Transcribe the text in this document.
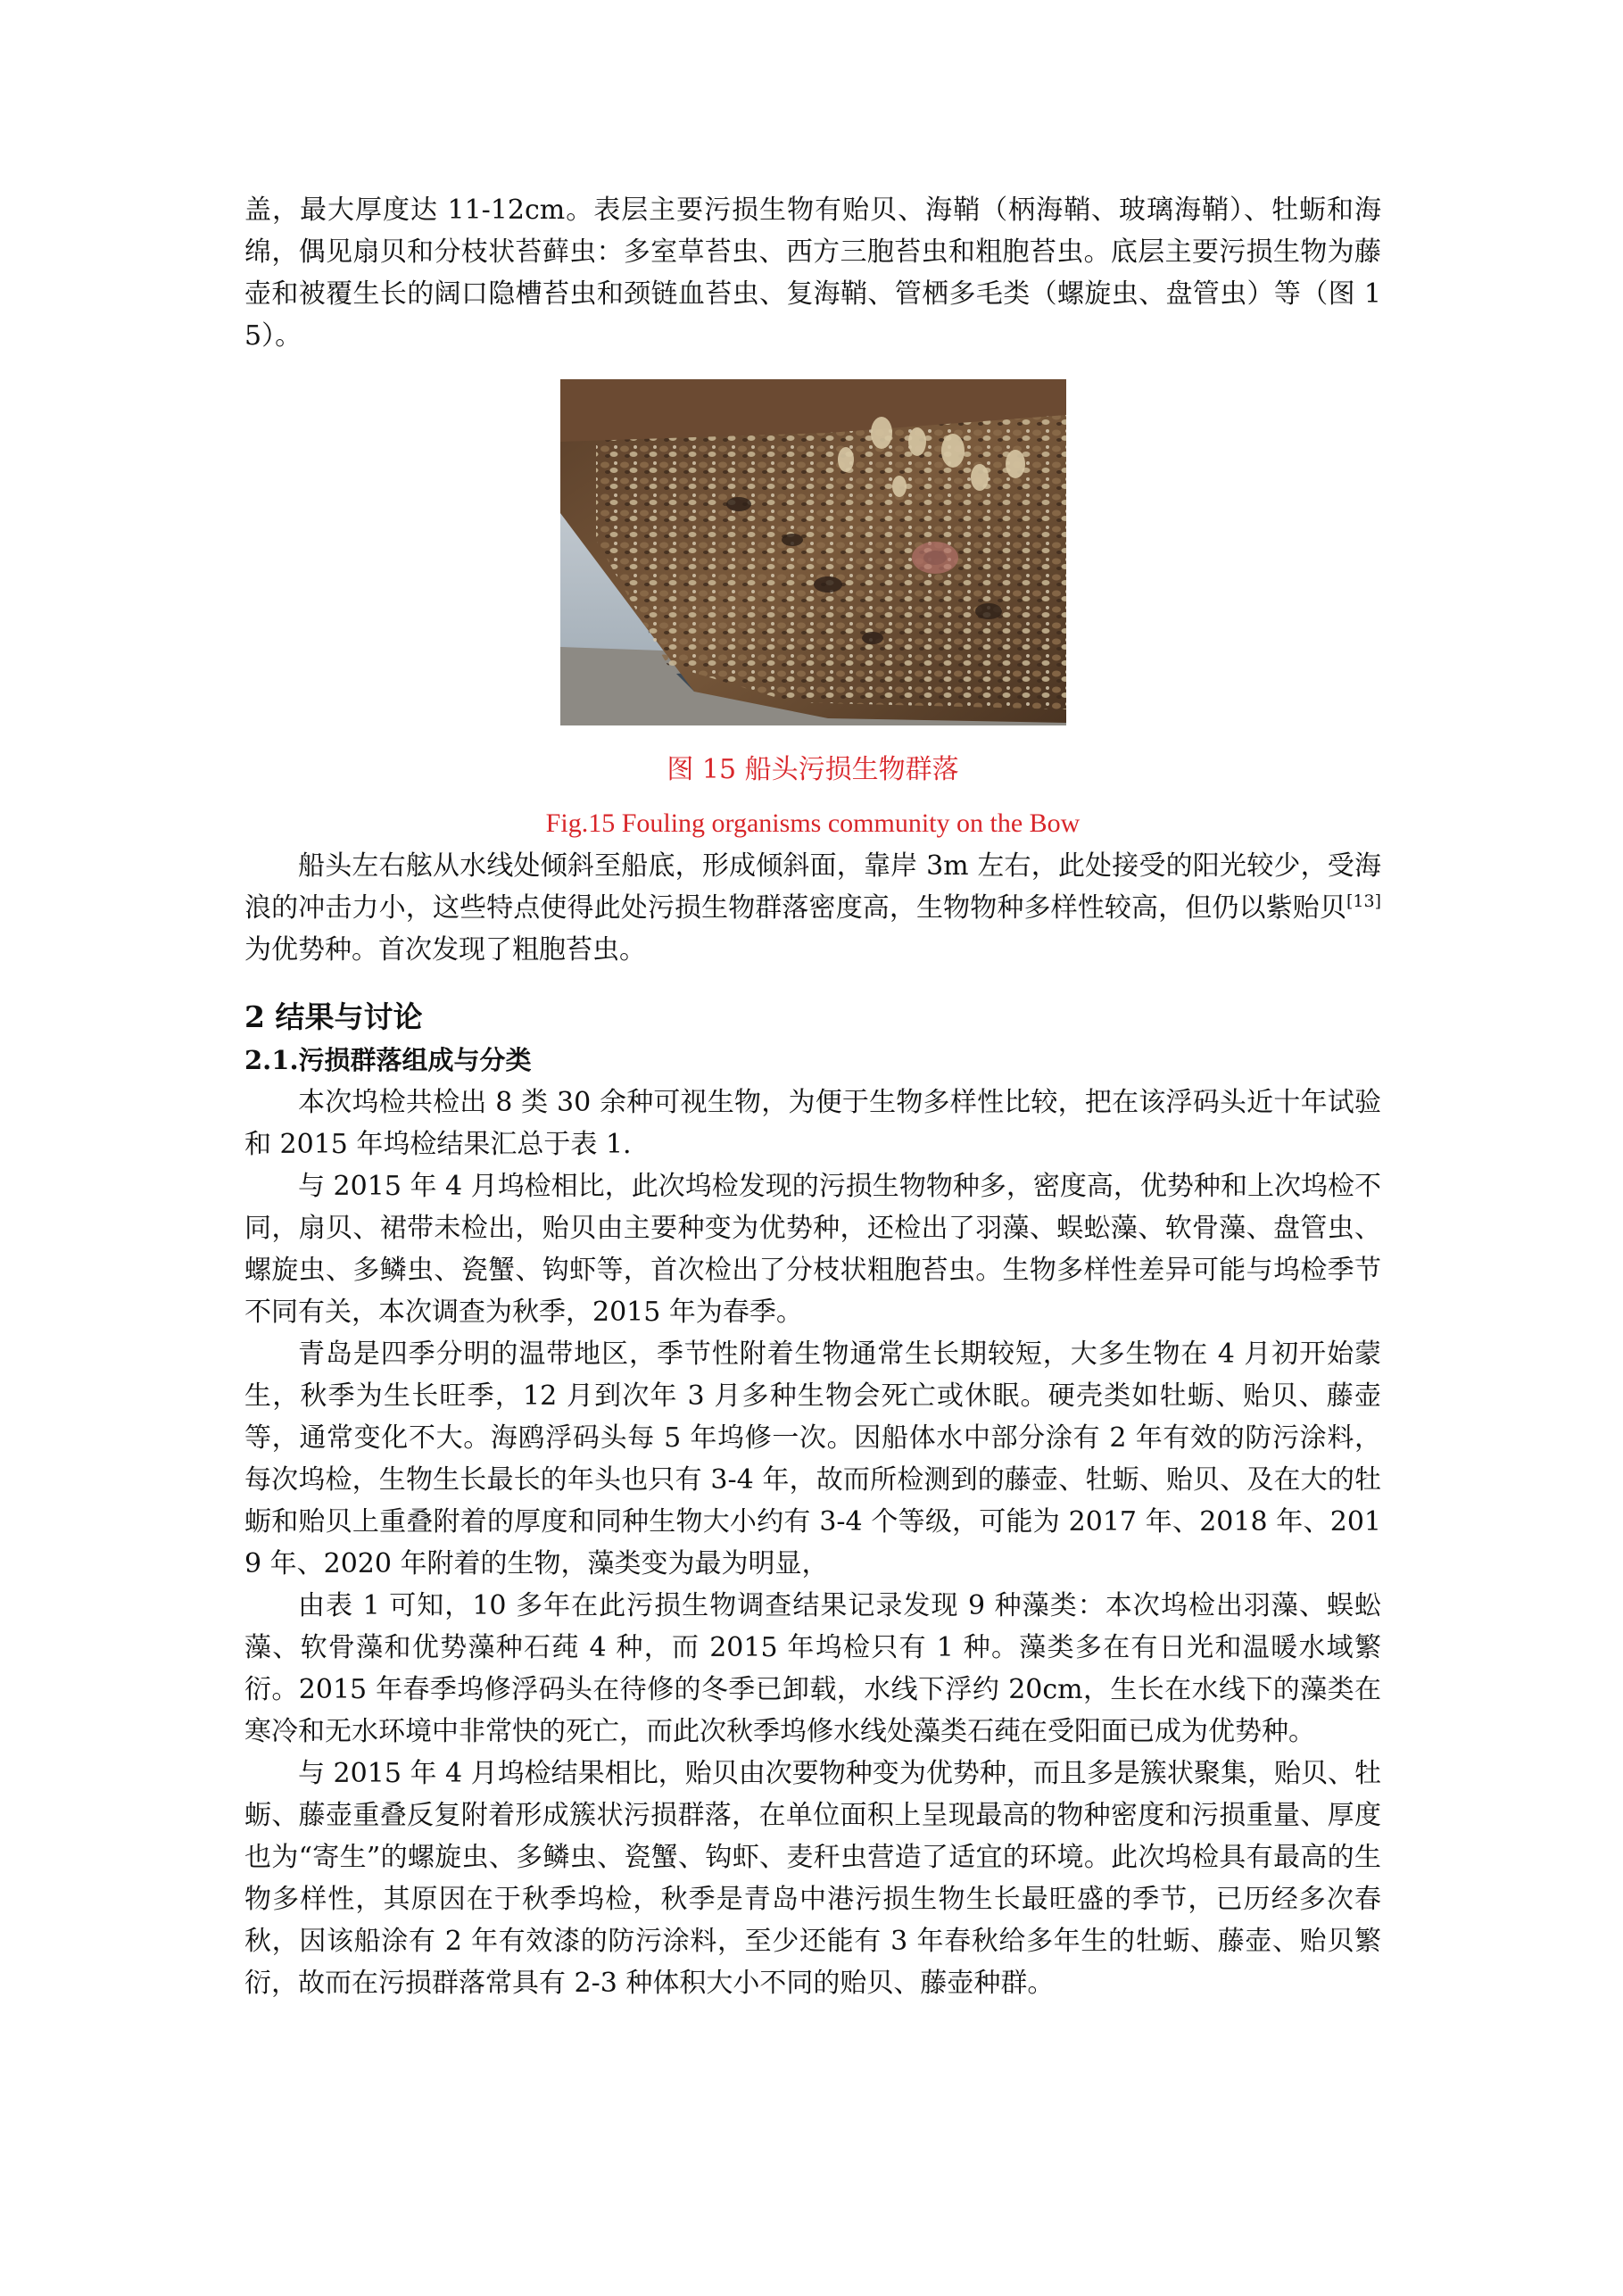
盖，最大厚度达 11-12cm。表层主要污损生物有贻贝、海鞘（柄海鞘、玻璃海鞘）、牡蛎和海绵，偶见扇贝和分枝状苔藓虫：多室草苔虫、西方三胞苔虫和粗胞苔虫。底层主要污损生物为藤壶和被覆生长的阔口隐槽苔虫和颈链血苔虫、复海鞘、管栖多毛类（螺旋虫、盘管虫）等（图 15）。

图 15 船头污损生物群落
Fig.15 Fouling organisms community on the Bow

船头左右舷从水线处倾斜至船底，形成倾斜面，靠岸 3m 左右，此处接受的阳光较少，受海浪的冲击力小，这些特点使得此处污损生物群落密度高，生物物种多样性较高，但仍以紫贻贝[13]为优势种。首次发现了粗胞苔虫。

2 结果与讨论
2.1.污损群落组成与分类

本次坞检共检出 8 类 30 余种可视生物，为便于生物多样性比较，把在该浮码头近十年试验和 2015 年坞检结果汇总于表 1.

与 2015 年 4 月坞检相比，此次坞检发现的污损生物物种多，密度高，优势种和上次坞检不同，扇贝、裙带未检出，贻贝由主要种变为优势种，还检出了羽藻、蜈蚣藻、软骨藻、盘管虫、螺旋虫、多鳞虫、瓷蟹、钩虾等，首次检出了分枝状粗胞苔虫。生物多样性差异可能与坞检季节不同有关，本次调查为秋季，2015 年为春季。

青岛是四季分明的温带地区，季节性附着生物通常生长期较短，大多生物在 4 月初开始蒙生，秋季为生长旺季，12 月到次年 3 月多种生物会死亡或休眠。硬壳类如牡蛎、贻贝、藤壶等，通常变化不大。海鸥浮码头每 5 年坞修一次。因船体水中部分涂有 2 年有效的防污涂料，每次坞检，生物生长最长的年头也只有 3-4 年，故而所检测到的藤壶、牡蛎、贻贝、及在大的牡蛎和贻贝上重叠附着的厚度和同种生物大小约有 3-4 个等级，可能为 2017 年、2018 年、2019 年、2020 年附着的生物，藻类变为最为明显，

由表 1 可知，10 多年在此污损生物调查结果记录发现 9 种藻类：本次坞检出羽藻、蜈蚣藻、软骨藻和优势藻种石莼 4 种，而 2015 年坞检只有 1 种。藻类多在有日光和温暖水域繁衍。2015 年春季坞修浮码头在待修的冬季已卸载，水线下浮约 20cm，生长在水线下的藻类在寒冷和无水环境中非常快的死亡，而此次秋季坞修水线处藻类石莼在受阳面已成为优势种。

与 2015 年 4 月坞检结果相比，贻贝由次要物种变为优势种，而且多是簇状聚集，贻贝、牡蛎、藤壶重叠反复附着形成簇状污损群落，在单位面积上呈现最高的物种密度和污损重量、厚度也为“寄生”的螺旋虫、多鳞虫、瓷蟹、钩虾、麦秆虫营造了适宜的环境。此次坞检具有最高的生物多样性，其原因在于秋季坞检，秋季是青岛中港污损生物生长最旺盛的季节，已历经多次春秋，因该船涂有 2 年有效漆的防污涂料，至少还能有 3 年春秋给多年生的牡蛎、藤壶、贻贝繁衍，故而在污损群落常具有 2-3 种体积大小不同的贻贝、藤壶种群。
